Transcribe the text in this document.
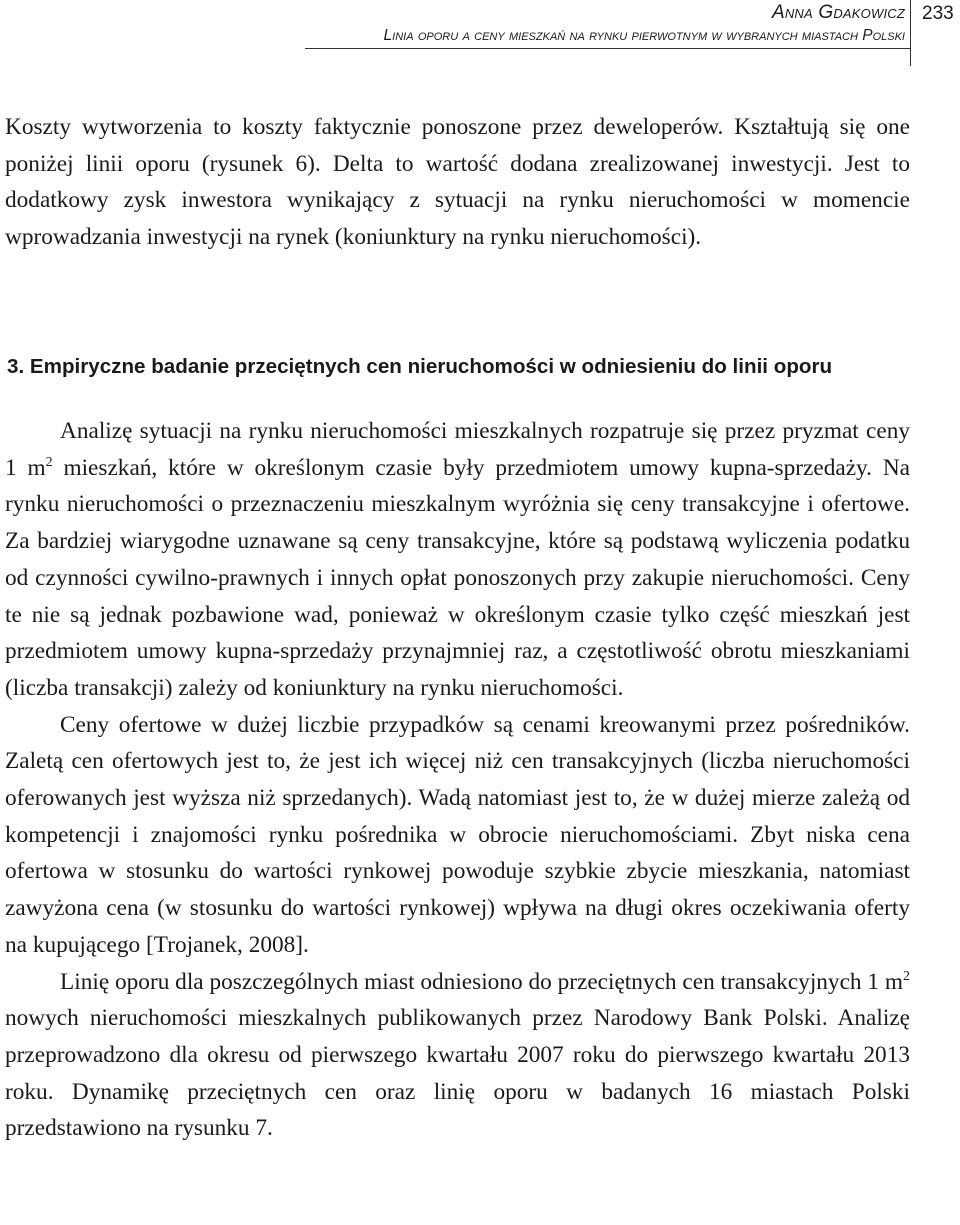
Anna Gdakowicz
Linia oporu a ceny mieszkań na rynku pierwotnym w wybranych miastach Polski
233

Koszty wytworzenia to koszty faktycznie ponoszone przez deweloperów. Kształtują się one poniżej linii oporu (rysunek 6). Delta to wartość dodana zrealizowanej inwestycji. Jest to dodatkowy zysk inwestora wynikający z sytuacji na rynku nieruchomości w momencie wprowadzania inwestycji na rynek (koniunktury na rynku nieruchomości).

3. Empiryczne badanie przeciętnych cen nieruchomości w odniesieniu do linii oporu

Analizę sytuacji na rynku nieruchomości mieszkalnych rozpatruje się przez pryzmat ceny 1 $m^2$ mieszkań, które w określonym czasie były przedmiotem umowy kupna-sprzedaży. Na rynku nieruchomości o przeznaczeniu mieszkalnym wyróżnia się ceny transakcyjne i ofertowe. Za bardziej wiarygodne uznawane są ceny transakcyjne, które są podstawą wyliczenia podatku od czynności cywilno-prawnych i innych opłat ponoszonych przy zakupie nieruchomości. Ceny te nie są jednak pozbawione wad, ponieważ w określonym czasie tylko część mieszkań jest przedmiotem umowy kupna-sprzedaży przynajmniej raz, a częstotliwość obrotu mieszkaniami (liczba transakcji) zależy od koniunktury na rynku nieruchomości.

Ceny ofertowe w dużej liczbie przypadków są cenami kreowanymi przez pośredników. Zaletą cen ofertowych jest to, że jest ich więcej niż cen transakcyjnych (liczba nieruchomości oferowanych jest wyższa niż sprzedanych). Wadą natomiast jest to, że w dużej mierze zależą od kompetencji i znajomości rynku pośrednika w obrocie nieruchomościami. Zbyt niska cena ofertowa w stosunku do wartości rynkowej powoduje szybkie zbycie mieszkania, natomiast zawyżona cena (w stosunku do wartości rynkowej) wpływa na długi okres oczekiwania oferty na kupującego [Trojanek, 2008].

Linię oporu dla poszczególnych miast odniesiono do przeciętnych cen transakcyjnych 1 $m^2$ nowych nieruchomości mieszkalnych publikowanych przez Narodowy Bank Polski. Analizę przeprowadzono dla okresu od pierwszego kwartału 2007 roku do pierwszego kwartału 2013 roku. Dynamikę przeciętnych cen oraz linię oporu w badanych 16 miastach Polski przedstawiono na rysunku 7.
